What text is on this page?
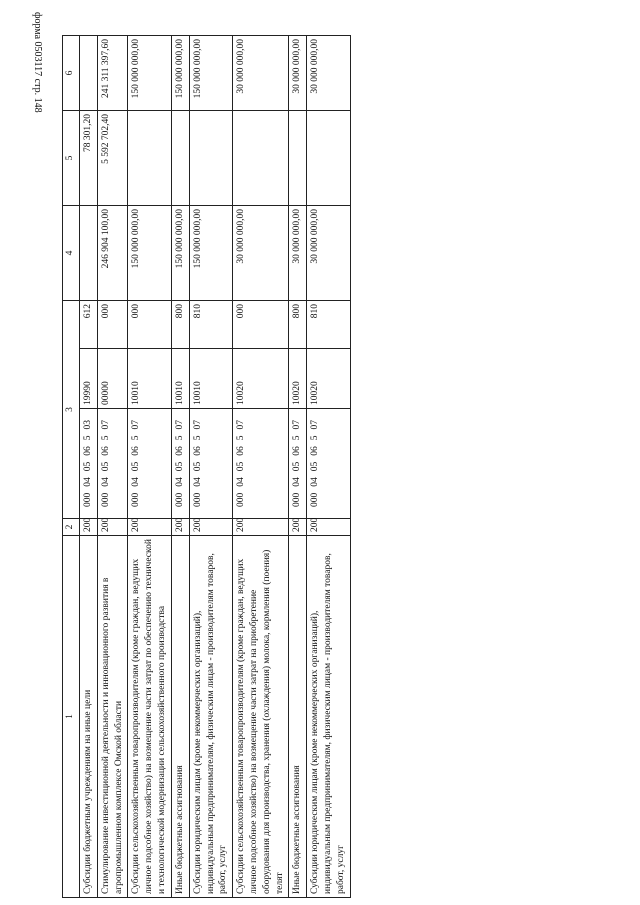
форма 0503117 стр. 148
1	2	3			4	5	6
Субсидии бюджетным учреждениям на иные цели	200	000040506503	19990	612		78 301,20	
Стимулирование инвестиционной деятельности и инновационного развития в агропромышленном комплексе Омской области	200	000040506507	00000	000	246 904 100,00	5 592 702,40	241 311 397,60
Субсидии сельскохозяйственным товаропроизводителям (кроме граждан, ведущих личное подсобное хозяйство) на возмещение части затрат по обеспечению технической и технологической модернизации сельскохозяйственного производства	200	000040506507	10010	000	150 000 000,00		150 000 000,00
Иные бюджетные ассигнования	200	000040506507	10010	800	150 000 000,00		150 000 000,00
Субсидии юридическим лицам (кроме некоммерческих организаций), индивидуальным предпринимателям, физическим лицам - производителям товаров, работ, услуг	200	000040506507	10010	810	150 000 000,00		150 000 000,00
Субсидии сельскохозяйственным товаропроизводителям (кроме граждан, ведущих личное подсобное хозяйство) на возмещение части затрат на приобретение оборудования для производства, хранения (охлаждения) молока, кормления (поения) телят	200	000040506507	10020	000	30 000 000,00		30 000 000,00
Иные бюджетные ассигнования	200	000040506507	10020	800	30 000 000,00		30 000 000,00
Субсидии юридическим лицам (кроме некоммерческих организаций), индивидуальным предпринимателям, физическим лицам - производителям товаров, работ, услуг	200	000040506507	10020	810	30 000 000,00		30 000 000,00
